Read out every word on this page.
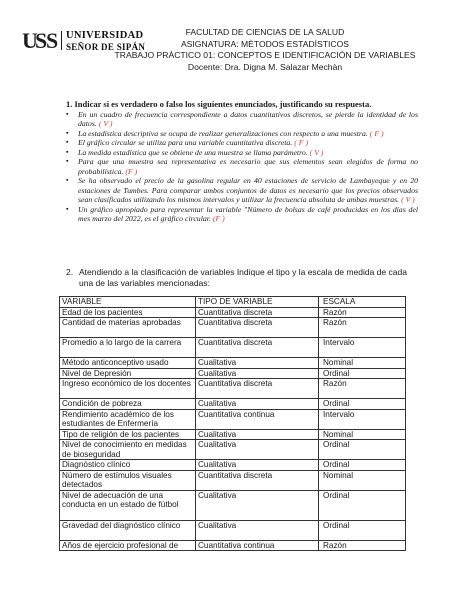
U
S
S UNIVERSIDAD
SEÑOR DE SIPÁN
FACULTAD DE CIENCIAS DE LA SALUD
ASIGNATURA: MÈTODOS ESTADÌSTICOS
TRABAJO PRÀCTICO 01: CONCEPTOS E IDENTIFICACIÒN DE VARIABLES
Docente: Dra. Digna M. Salazar Mechàn
1. Indicar si es verdadero o falso los siguientes enunciados, justificando su respuesta.
▪ En un cuadro de frecuencia correspondiente a datos cuantitativos discretos, se pierde la identidad de los datos. ( V )
▪ La estadística descriptiva se ocupa de realizar generalizaciones con respecto a una muestra. ( F )
▪ El gráfico circular se utiliza para una variable cuantitativa discreta. ( F )
▪ La medida estadística que se obtiene de una muestra se llama parámetro. ( V )
▪ Para que una muestra sea representativa es necesario que sus elementos sean elegidos de forma no probabilística. (F )
▪ Se ha observado el precio de la gasolina regular en 40 estaciones de servicio de Lambayeque y en 20 estaciones de Tumbes. Para comparar ambos conjuntos de datos es necesario que los precios observados sean clasificados utilizando los mismos intervalos y utilizar la frecuencia absoluta de ambas muestras. ( V )
▪ Un gráfico apropiado para representar la variable "Número de bolsas de café producidas en los días del mes marzo del 2022, es el gráfico circular. (F )
2. Atendiendo a la clasificación de variables Indique el tipo y la escala de medida de cada una de las variables mencionadas:
VARIABLE	TIPO DE VARIABLE	ESCALA
Edad de los pacientes	Cuantitativa discreta	Razón
Cantidad de materias aprobadas	Cuantitativa discreta	Razón
Promedio a lo largo de la carrera	Cuantitativa discreta	Intervalo
Método anticonceptivo usado	Cualitativa	Nominal
Nivel de Depresión	Cualitativa	Ordinal
Ingreso económico de los docentes	Cuantitativa discreta	Razón
Condición de pobreza	Cualitativa	Ordinal
Rendimiento académico de los estudiantes de Enfermería	Cuantitativa continua	Intervalo
Tipo de religión de los pacientes	Cualitativa	Nominal
Nivel de conocimiento en medidas de bioseguridad	Cualitativa	Ordinal
Diagnóstico clínico	Cualitativa	Ordinal
Número de estímulos visuales detectados	Cuantitativa discreta	Nominal
Nivel de adecuación de una conducta en un estado de fútbol	Cualitativa	Ordinal
Gravedad del diagnóstico clínico	Cualitativa	Ordinal
Años de ejercicio profesional de	Cuantitativa continua	Razón
